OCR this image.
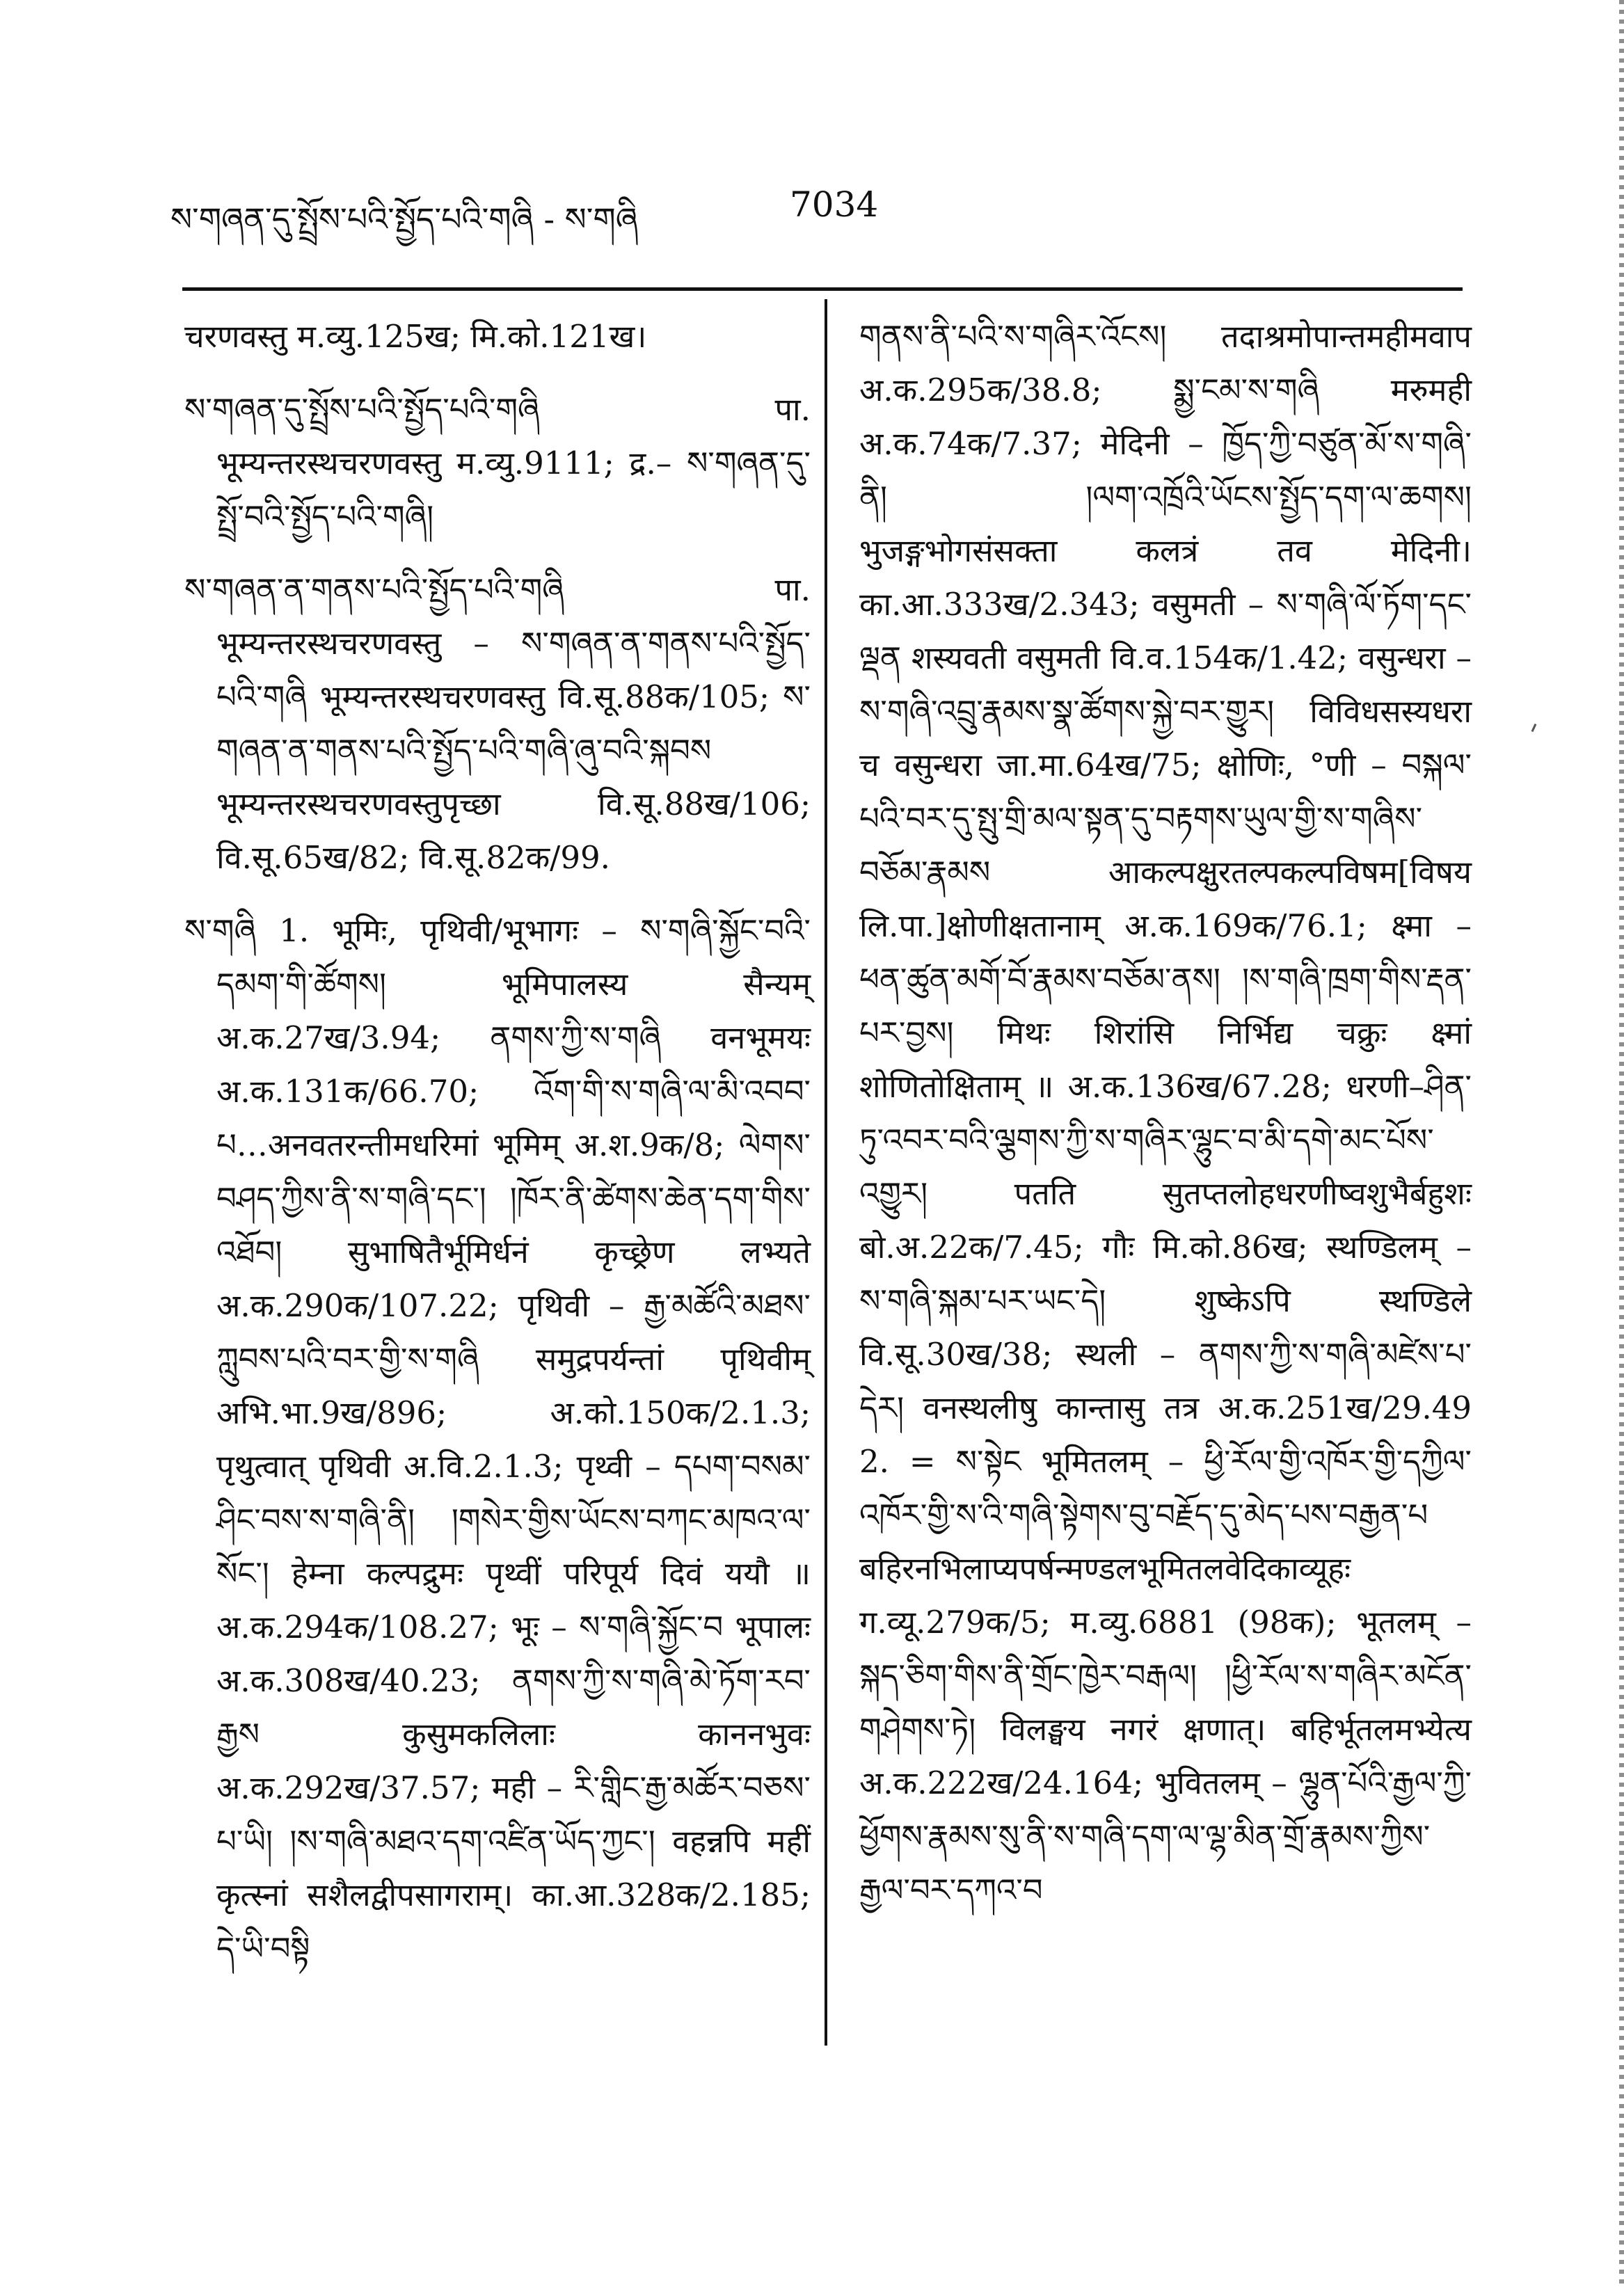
ས་གཞན་དུ་སྤྲོས་པའི་སྤྱོད་པའི་གཞི - ས་གཞི	7034

चरणवस्तु म.व्यु.125ख; मि.को.121ख।

ས་གཞན་དུ་སྤྲོས་པའི་སྤྱོད་པའི་གཞི पा. भूम्यन्तरस्थचरणवस्तु म.व्यु.9111; द्र.– ས་གཞན་དུ་སྤྲོ་བའི་སྤྱོད་པའི་གཞི།

ས་གཞན་ན་གནས་པའི་སྤྱོད་པའི་གཞི पा. भूम्यन्तरस्थचरणवस्तु – ས་གཞན་ན་གནས་པའི་སྤྱོད་པའི་གཞི भूम्यन्तरस्थचरणवस्तु वि.सू.88क/105; ས་གཞན་ན་གནས་པའི་སྤྱོད་པའི་གཞི་ཞུ་བའི་སྐབས भूम्यन्तरस्थचरणवस्तुपृच्छा वि.सू.88ख/106; वि.सू.65ख/82; वि.सू.82क/99.

ས་གཞི 1. भूमिः, पृथिवी/भूभागः – ས་གཞི་སྐྱོང་བའི་དམག་གི་ཚོགས། भूमिपालस्य सैन्यम् अ.क.27ख/3.94; ནགས་ཀྱི་ས་གཞི वनभूमयः अ.क.131क/66.70; འོག་གི་ས་གཞི་ལ་མི་འབབ་པ…अनवतरन्तीमधरिमां भूमिम् अ.श.9क/8; ལེགས་བཤད་ཀྱིས་ནི་ས་གཞི་དང་། །ཁོར་ནི་ཚེགས་ཆེན་དག་གིས་འཐོབ། सुभाषितैर्भूमिर्धनं कृच्छ्रेण लभ्यते अ.क.290क/107.22; पृथिवी – རྒྱ་མཚོའི་མཐས་ཀླུབས་པའི་བར་གྱི་ས་གཞི समुद्रपर्यन्तां पृथिवीम् अभि.भा.9ख/896; अ.को.150क/2.1.3; पृथुत्वात् पृथिवी अ.वि.2.1.3; पृथ्वी – དཔག་བསམ་ཤིང་བས་ས་གཞི་ནི། །གསེར་གྱིས་ཡོངས་བཀང་མཁའ་ལ་སོང་། हेम्ना कल्पद्रुमः पृथ्वीं परिपूर्य दिवं ययौ ॥ अ.क.294क/108.27; भूः – ས་གཞི་སྐྱོང་བ भूपालः अ.क.308ख/40.23; ནགས་ཀྱི་ས་གཞི་མེ་ཏོག་རབ་རྒྱས कुसुमकलिलाः काननभुवः अ.क.292ख/37.57; मही – རི་གླིང་རྒྱ་མཚོར་བཅས་པ་ཡི། །ས་གཞི་མཐའ་དག་འཛིན་ཡོད་ཀྱང་། वहन्नपि महीं कृत्स्नां सशैलद्वीपसागराम्। का.आ.328क/2.185; དེ་ཡི་བསྟི

གནས་ནི་པའི་ས་གཞིར་འོངས། तदाश्रमोपान्तमहीमवाप अ.क.295क/38.8; སྨྱ་ངམ་ས་གཞི मरुमही अ.क.74क/7.37; मेदिनी – ཁྱོད་ཀྱི་བཙུན་མོ་ས་གཞི་ནི། །ལག་འཁྲོའི་ཡོངས་སྤྱོད་དག་ལ་ཆགས། भुजङ्गभोगसंसक्ता कलत्रं तव मेदिनी। का.आ.333ख/2.343; वसुमती – ས་གཞི་ལོ་ཏོག་དང་ལྡན शस्यवती वसुमती वि.व.154क/1.42; वसुन्धरा – ས་གཞི་འབྲུ་རྣམས་སྣ་ཚོགས་སྐྱེ་བར་གྱུར། विविधसस्यधरा च वसुन्धरा जा.मा.64ख/75; क्षोणिः, °णी – བསྐལ་པའི་བར་དུ་སྤུ་གྲི་མལ་སྟན་དུ་བརྟགས་ཡུལ་གྱི་ས་གཞིས་བཅོམ་རྣམས आकल्पक्षुरतल्पकल्पविषम[विषय लि.पा.]क्षोणीक्षतानाम् अ.क.169क/76.1; क्ष्मा – ཕན་ཚུན་མགོ་བོ་རྣམས་བཅོམ་ནས། །ས་གཞི་ཁྲག་གིས་རྡན་པར་བྱས། मिथः शिरांसि निर्भिद्य चक्रुः क्ष्मां शोणितोक्षिताम् ॥ अ.क.136ख/67.28; धरणी–ཤིན་ཏུ་འབར་བའི་ལྕགས་ཀྱི་ས་གཞིར་ལྷུང་བ་མི་དགེ་མང་པོས་འགྱུར། पतति सुतप्तलोहधरणीष्वशुभैर्बहुशः बो.अ.22क/7.45; गौः मि.को.86ख; स्थण्डिलम् – ས་གཞི་སྐམ་པར་ཡང་དེ། शुष्केऽपि स्थण्डिले वि.सू.30ख/38; स्थली – ནགས་ཀྱི་ས་གཞི་མཛེས་པ་དེར། वनस्थलीषु कान्तासु तत्र अ.क.251ख/29.49 2. = ས་སྟེང भूमितलम् – ཕྱི་རོལ་གྱི་འཁོར་གྱི་དཀྱིལ་འཁོར་གྱི་ས་འི་གཞི་སྟེགས་བུ་བརྗོད་དུ་མེད་པས་བརྒྱན་པ बहिरनभिलाप्यपर्षन्मण्डलभूमितलवेदिकाव्यूहः ग.व्यू.279क/5; म.व्यु.6881 (98क); भूतलम् – སྐད་ཅིག་གིས་ནི་གྲོང་ཁྱེར་བརྒལ། །ཕྱི་རོལ་ས་གཞིར་མངོན་གཤེགས་ཏེ། विलङ्घय नगरं क्षणात्। बहिर्भूतलमभ्येत्य अ.क.222ख/24.164; भुवितलम् – ལྷུན་པོའི་རྒྱལ་ཀྱི་ཕྱོགས་རྣམས་སུ་ནི་ས་གཞི་དག་ལ་ལྷ་མིན་གྲོ་རྣམས་ཀྱིས་རྒྱལ་བར་དཀའ་བ
